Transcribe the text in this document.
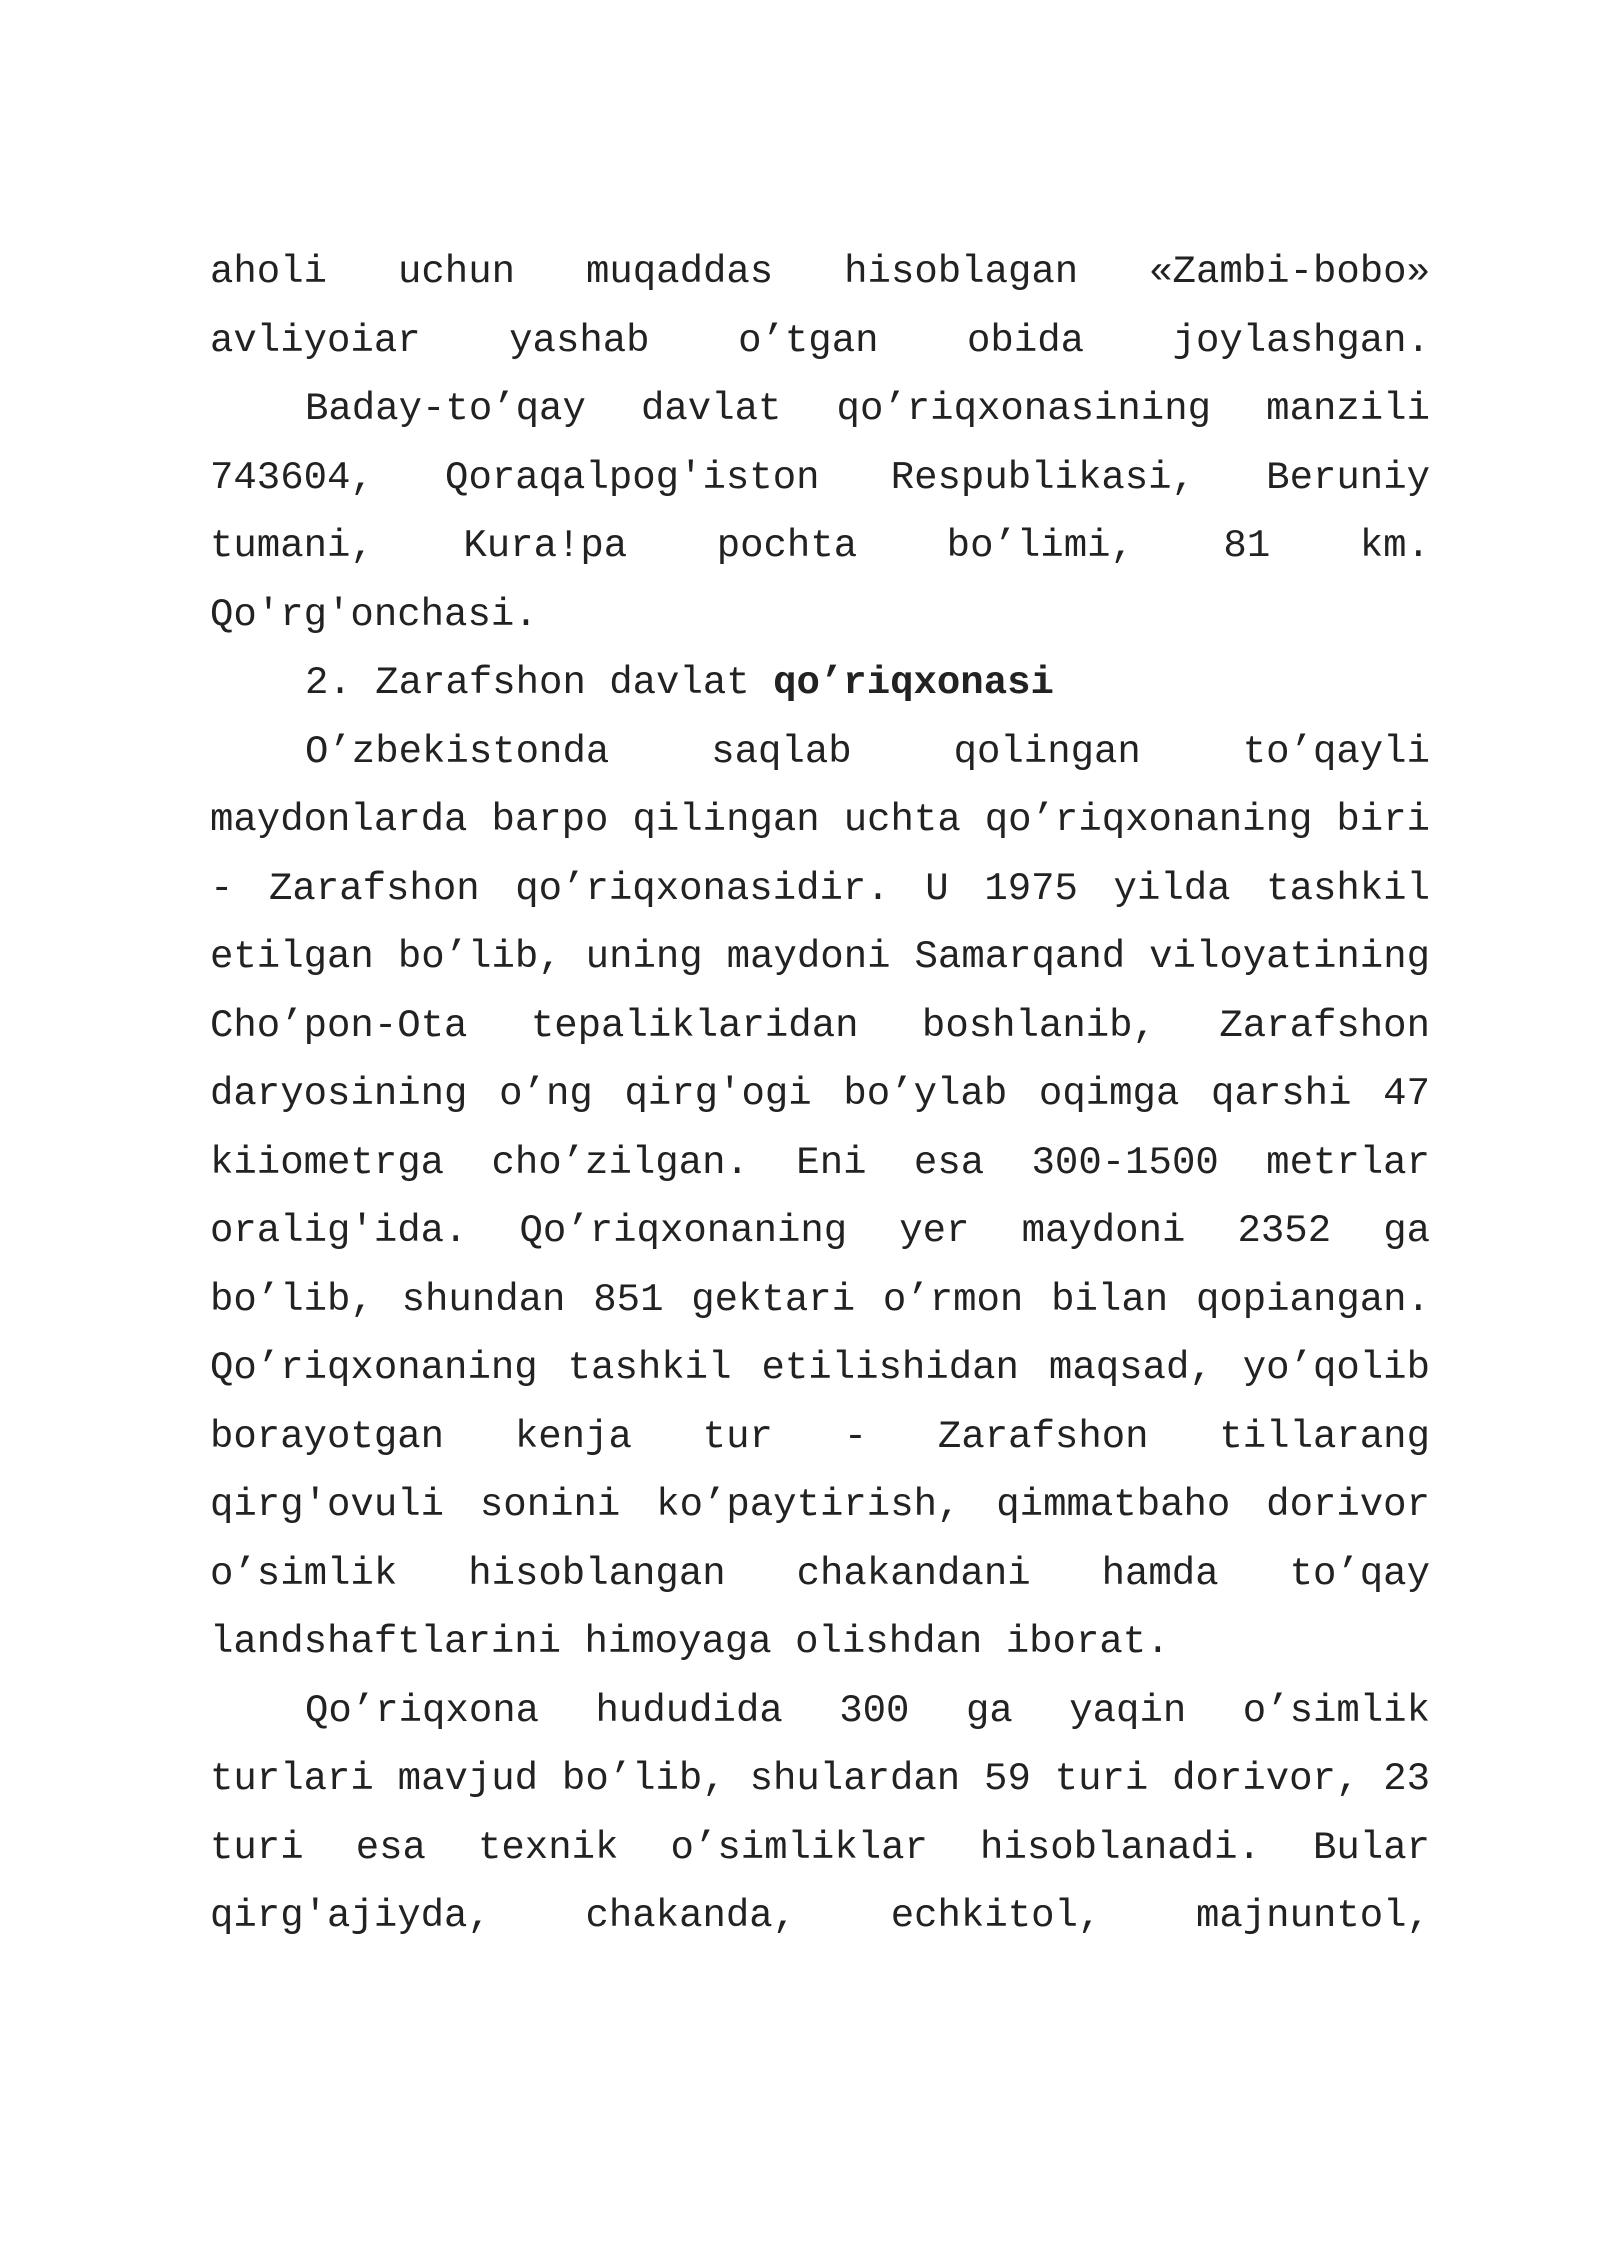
aholi uchun muqaddas hisoblagan «Zambi-bobo» avliyoiar yashab o’tgan obida joylashgan.

Baday-to’qay davlat qo’riqxonasining manzili 743604, Qoraqalpog'iston Respublikasi, Beruniy tumani, Kura!pa pochta bo’limi, 81 km. Qo'rg'onchasi.

2. Zarafshon davlat qo’riqxonasi

O’zbekistonda saqlab qolingan to’qayli maydonlarda barpo qilingan uchta qo’riqxonaning biri - Zarafshon qo’riqxonasidir. U 1975 yilda tashkil etilgan bo’lib, uning maydoni Samarqand viloyatining Cho’pon-Ota tepaliklaridan boshlanib, Zarafshon daryosining o’ng qirg'ogi bo’ylab oqimga qarshi 47 kiiometrga cho’zilgan. Eni esa 300-1500 metrlar oralig'ida. Qo’riqxonaning yer maydoni 2352 ga bo’lib, shundan 851 gektari o’rmon bilan qopiangan. Qo’riqxonaning tashkil etilishidan maqsad, yo’qolib borayotgan kenja tur - Zarafshon tillarang qirg'ovuli sonini ko’paytirish, qimmatbaho dorivor o’simlik hisoblangan chakandani hamda to’qay landshaftlarini himoyaga olishdan iborat.

Qo’riqxona hududida 300 ga yaqin o’simlik turlari mavjud bo’lib, shulardan 59 turi dorivor, 23 turi esa texnik o’simliklar hisoblanadi. Bular qirg'ajiyda, chakanda, echkitol, majnuntol,
